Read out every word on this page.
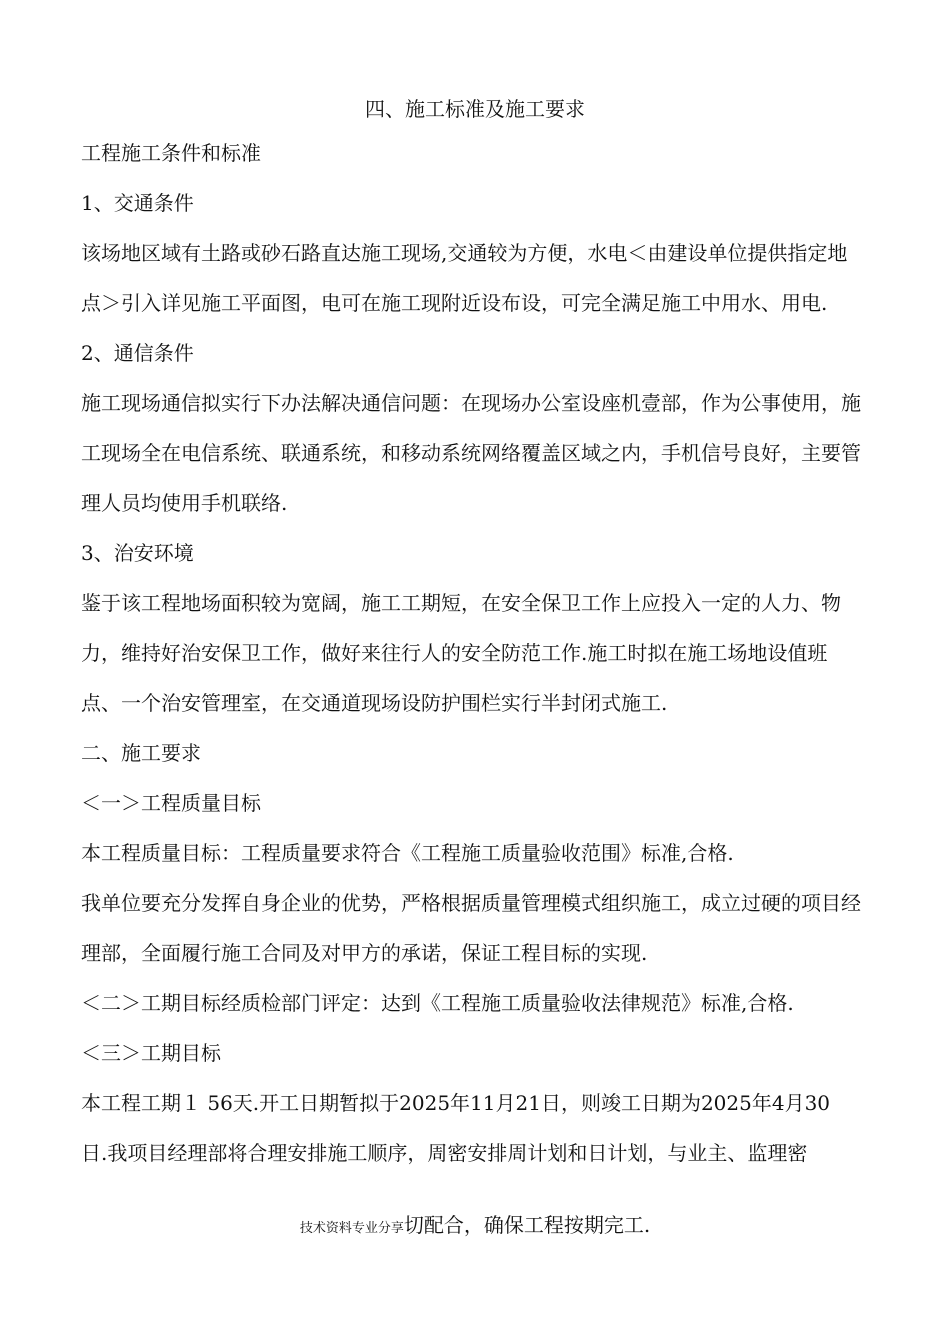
四、施工标准及施工要求
工程施工条件和标准
1、交通条件
该场地区域有土路或砂石路直达施工现场,交通较为方便，水电＜由建设单位提供指定地
点＞引入详见施工平面图，电可在施工现附近设布设，可完全满足施工中用水、用电.
2、通信条件
施工现场通信拟实行下办法解决通信问题：在现场办公室设座机壹部，作为公事使用，施
工现场全在电信系统、联通系统，和移动系统网络覆盖区域之内，手机信号良好，主要管
理人员均使用手机联络.
3、治安环境
鉴于该工程地场面积较为宽阔，施工工期短，在安全保卫工作上应投入一定的人力、物
力，维持好治安保卫工作，做好来往行人的安全防范工作.施工时拟在施工场地设值班
点、一个治安管理室，在交通道现场设防护围栏实行半封闭式施工.
二、施工要求
＜一＞工程质量目标
本工程质量目标：工程质量要求符合《工程施工质量验收范围》标准,合格.
我单位要充分发挥自身企业的优势，严格根据质量管理模式组织施工，成立过硬的项目经
理部，全面履行施工合同及对甲方的承诺，保证工程目标的实现.
＜二＞工期目标经质检部门评定：达到《工程施工质量验收法律规范》标准,合格.
＜三＞工期目标
本工程工期１ 56天.开工日期暂拟于2025年11月21日，则竣工日期为2025年4月30
日.我项目经理部将合理安排施工顺序，周密安排周计划和日计划，与业主、监理密
技术资料专业分享切配合，确保工程按期完工.
